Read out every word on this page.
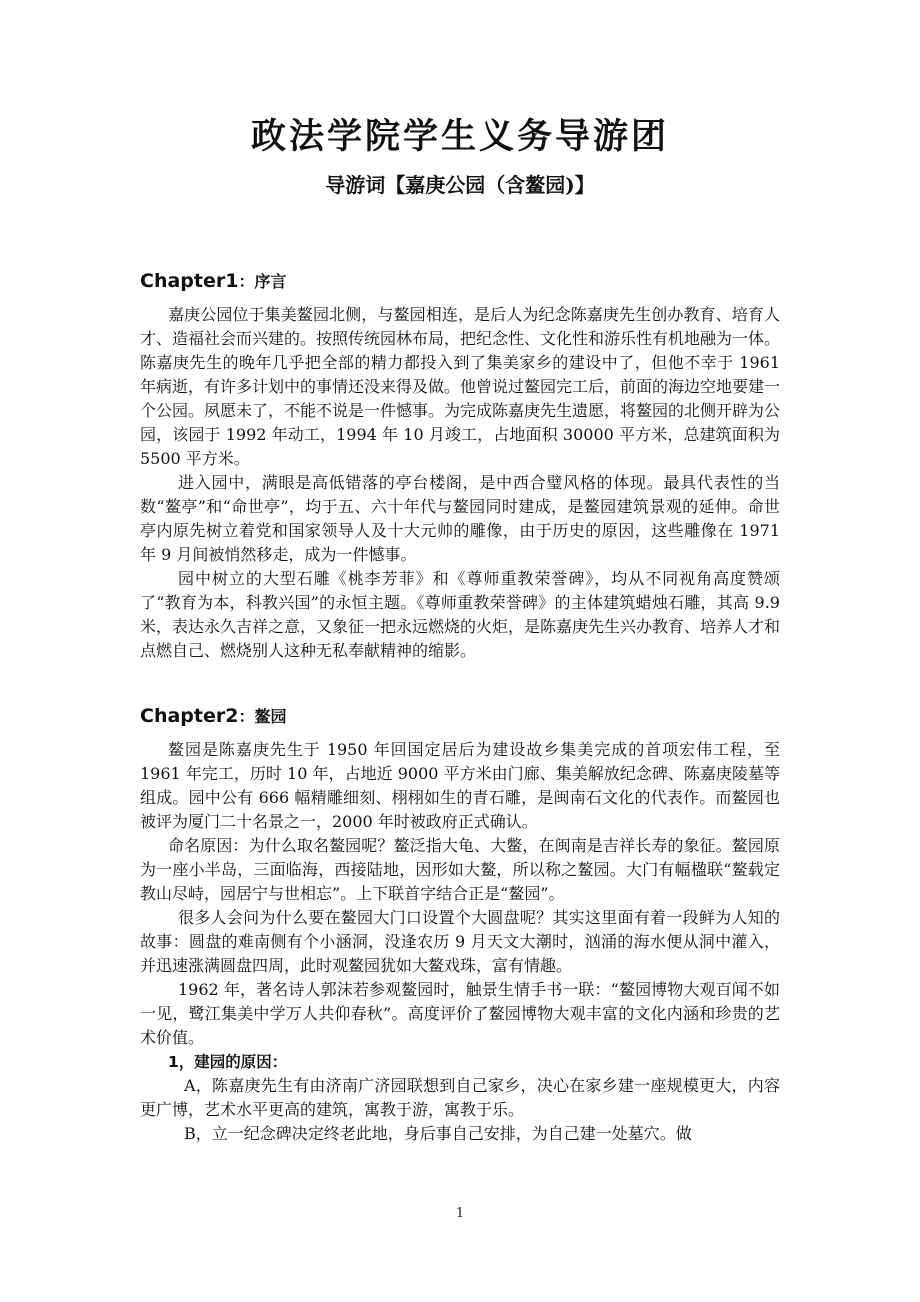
政法学院学生义务导游团
导游词【嘉庚公园（含鳌园)】
Chapter1：序言

嘉庚公园位于集美鳌园北侧，与鳌园相连，是后人为纪念陈嘉庚先生创办教育、培育人才、造福社会而兴建的。按照传统园林布局，把纪念性、文化性和游乐性有机地融为一体。陈嘉庚先生的晚年几乎把全部的精力都投入到了集美家乡的建设中了，但他不幸于 1961 年病逝，有许多计划中的事情还没来得及做。他曾说过鳌园完工后，前面的海边空地要建一个公园。夙愿未了，不能不说是一件憾事。为完成陈嘉庚先生遗愿，将鳌园的北侧开辟为公园，该园于 1992 年动工，1994 年 10 月竣工，占地面积 30000 平方米，总建筑面积为 5500 平方米。

进入园中，满眼是高低错落的亭台楼阁，是中西合璧风格的体现。最具代表性的当数“鳌亭”和“命世亭”，均于五、六十年代与鳌园同时建成，是鳌园建筑景观的延伸。命世亭内原先树立着党和国家领导人及十大元帅的雕像，由于历史的原因，这些雕像在 1971 年 9 月间被悄然移走，成为一件憾事。

园中树立的大型石雕《桃李芳菲》和《尊师重教荣誉碑》，均从不同视角高度赞颂了“教育为本，科教兴国”的永恒主题。《尊师重教荣誉碑》的主体建筑蜡烛石雕，其高 9.9 米，表达永久吉祥之意，又象征一把永远燃烧的火炬，是陈嘉庚先生兴办教育、培养人才和点燃自己、燃烧别人这种无私奉献精神的缩影。

Chapter2：鳌园

鳌园是陈嘉庚先生于 1950 年回国定居后为建设故乡集美完成的首项宏伟工程，至 1961 年完工，历时 10 年，占地近 9000 平方米由门廊、集美解放纪念碑、陈嘉庚陵墓等组成。园中公有 666 幅精雕细刻、栩栩如生的青石雕，是闽南石文化的代表作。而鳌园也被评为厦门二十名景之一，2000 年时被政府正式确认。

命名原因：为什么取名鳌园呢？鳌泛指大龟、大鳖，在闽南是吉祥长寿的象征。鳌园原为一座小半岛，三面临海，西接陆地，因形如大鳌，所以称之鳌园。大门有幅楹联“鳌载定教山尽峙，园居宁与世相忘”。上下联首字结合正是“鳌园”。

很多人会问为什么要在鳌园大门口设置个大圆盘呢？其实这里面有着一段鲜为人知的故事：圆盘的难南侧有个小涵洞，没逢农历 9 月天文大潮时，汹涌的海水便从洞中灌入，并迅速涨满圆盘四周，此时观鳌园犹如大鳌戏珠，富有情趣。

1962 年，著名诗人郭沫若参观鳌园时，触景生情手书一联：“鳌园博物大观百闻不如一见，鹭江集美中学万人共仰春秋”。高度评价了鳌园博物大观丰富的文化内涵和珍贵的艺术价值。

1，建园的原因：

A，陈嘉庚先生有由济南广济园联想到自己家乡，决心在家乡建一座规模更大，内容更广博，艺术水平更高的建筑，寓教于游，寓教于乐。

B，立一纪念碑决定终老此地，身后事自己安排，为自己建一处墓穴。做

1
